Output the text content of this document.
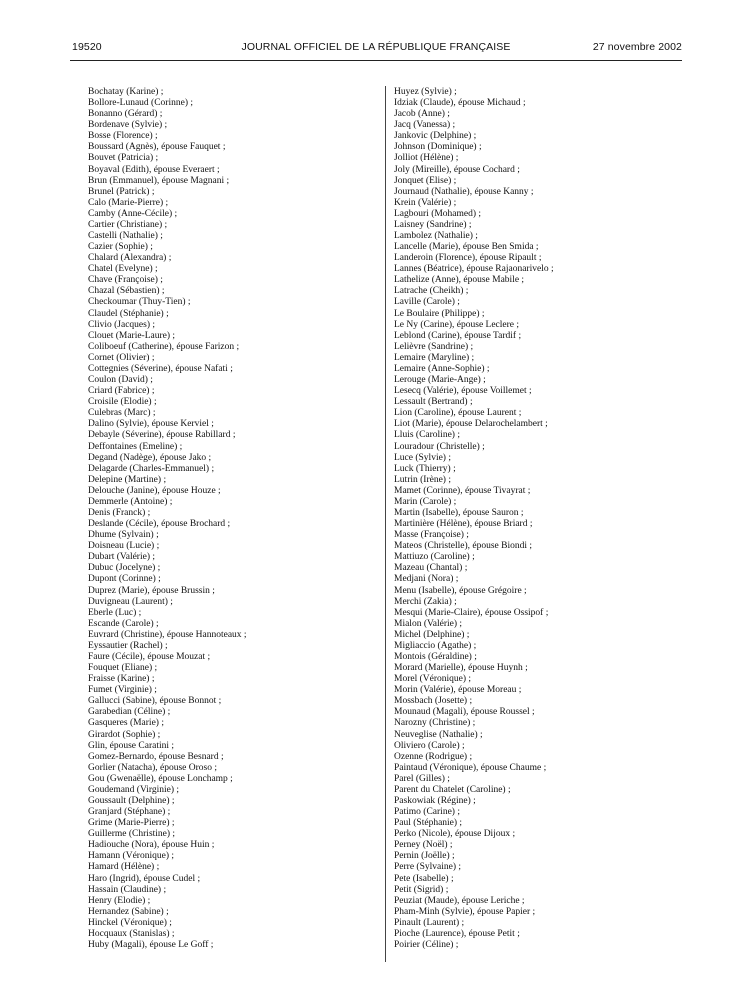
19520	JOURNAL OFFICIEL DE LA RÉPUBLIQUE FRANÇAISE	27 novembre 2002
Bochatay (Karine) ;
Bollore-Lunaud (Corinne) ;
Bonanno (Gérard) ;
Bordenave (Sylvie) ;
Bosse (Florence) ;
Boussard (Agnès), épouse Fauquet ;
Bouvet (Patricia) ;
Boyaval (Edith), épouse Everaert ;
Brun (Emmanuel), épouse Magnani ;
Brunel (Patrick) ;
Calo (Marie-Pierre) ;
Camby (Anne-Cécile) ;
Cartier (Christiane) ;
Castelli (Nathalie) ;
Cazier (Sophie) ;
Chalard (Alexandra) ;
Chatel (Evelyne) ;
Chave (Françoise) ;
Chazal (Sébastien) ;
Checkoumar (Thuy-Tien) ;
Claudel (Stéphanie) ;
Clivio (Jacques) ;
Clouet (Marie-Laure) ;
Coliboeuf (Catherine), épouse Farizon ;
Cornet (Olivier) ;
Cottegnies (Séverine), épouse Nafati ;
Coulon (David) ;
Criard (Fabrice) ;
Croisile (Elodie) ;
Culebras (Marc) ;
Dalino (Sylvie), épouse Kerviel ;
Debayle (Séverine), épouse Rabillard ;
Deffontaines (Emeline) ;
Degand (Nadège), épouse Jako ;
Delagarde (Charles-Emmanuel) ;
Delepine (Martine) ;
Delouche (Janine), épouse Houze ;
Demmerle (Antoine) ;
Denis (Franck) ;
Deslande (Cécile), épouse Brochard ;
Dhume (Sylvain) ;
Doisneau (Lucie) ;
Dubart (Valérie) ;
Dubuc (Jocelyne) ;
Dupont (Corinne) ;
Duprez (Marie), épouse Brussin ;
Duvigneau (Laurent) ;
Eberle (Luc) ;
Escande (Carole) ;
Euvrard (Christine), épouse Hannoteaux ;
Eyssautier (Rachel) ;
Faure (Cécile), épouse Mouzat ;
Fouquet (Eliane) ;
Fraisse (Karine) ;
Fumet (Virginie) ;
Gallucci (Sabine), épouse Bonnot ;
Garabedian (Céline) ;
Gasqueres (Marie) ;
Girardot (Sophie) ;
Glin, épouse Caratini ;
Gomez-Bernardo, épouse Besnard ;
Gorlier (Natacha), épouse Oroso ;
Gou (Gwenaëlle), épouse Lonchamp ;
Goudemand (Virginie) ;
Goussault (Delphine) ;
Granjard (Stéphane) ;
Grime (Marie-Pierre) ;
Guillerme (Christine) ;
Hadiouche (Nora), épouse Huin ;
Hamann (Véronique) ;
Hamard (Hélène) ;
Haro (Ingrid), épouse Cudel ;
Hassain (Claudine) ;
Henry (Elodie) ;
Hernandez (Sabine) ;
Hinckel (Véronique) ;
Hocquaux (Stanislas) ;
Huby (Magali), épouse Le Goff ;
Huyez (Sylvie) ;
Idziak (Claude), épouse Michaud ;
Jacob (Anne) ;
Jacq (Vanessa) ;
Jankovic (Delphine) ;
Johnson (Dominique) ;
Jolliot (Hélène) ;
Joly (Mireille), épouse Cochard ;
Jonquet (Elise) ;
Journaud (Nathalie), épouse Kanny ;
Krein (Valérie) ;
Lagbouri (Mohamed) ;
Laisney (Sandrine) ;
Lambolez (Nathalie) ;
Lancelle (Marie), épouse Ben Smida ;
Landeroin (Florence), épouse Ripault ;
Lannes (Béatrice), épouse Rajaonarivelo ;
Lathelize (Anne), épouse Mabile ;
Latrache (Cheikh) ;
Laville (Carole) ;
Le Boulaire (Philippe) ;
Le Ny (Carine), épouse Leclere ;
Leblond (Carine), épouse Tardif ;
Lelièvre (Sandrine) ;
Lemaire (Maryline) ;
Lemaire (Anne-Sophie) ;
Lerouge (Marie-Ange) ;
Lesecq (Valérie), épouse Voillemet ;
Lessault (Bertrand) ;
Lion (Caroline), épouse Laurent ;
Liot (Marie), épouse Delarochelambert ;
Lluis (Caroline) ;
Louradour (Christelle) ;
Luce (Sylvie) ;
Luck (Thierry) ;
Lutrin (Irène) ;
Mamet (Corinne), épouse Tivayrat ;
Marin (Carole) ;
Martin (Isabelle), épouse Sauron ;
Martinière (Hélène), épouse Briard ;
Masse (Françoise) ;
Mateos (Christelle), épouse Biondi ;
Mattiuzo (Caroline) ;
Mazeau (Chantal) ;
Medjani (Nora) ;
Menu (Isabelle), épouse Grégoire ;
Merchi (Zakia) ;
Mesqui (Marie-Claire), épouse Ossipof ;
Mialon (Valérie) ;
Michel (Delphine) ;
Migliaccio (Agathe) ;
Montois (Géraldine) ;
Morard (Marielle), épouse Huynh ;
Morel (Véronique) ;
Morin (Valérie), épouse Moreau ;
Mossbach (Josette) ;
Mounaud (Magali), épouse Roussel ;
Narozny (Christine) ;
Neuveglise (Nathalie) ;
Oliviero (Carole) ;
Ozenne (Rodrigue) ;
Paintaud (Véronique), épouse Chaume ;
Parel (Gilles) ;
Parent du Chatelet (Caroline) ;
Paskowiak (Régine) ;
Patimo (Carine) ;
Paul (Stéphanie) ;
Perko (Nicole), épouse Dijoux ;
Perney (Noël) ;
Pernin (Joëlle) ;
Perre (Sylvaine) ;
Pete (Isabelle) ;
Petit (Sigrid) ;
Peuziat (Maude), épouse Leriche ;
Pham-Minh (Sylvie), épouse Papier ;
Pinault (Laurent) ;
Pioche (Laurence), épouse Petit ;
Poirier (Céline) ;
